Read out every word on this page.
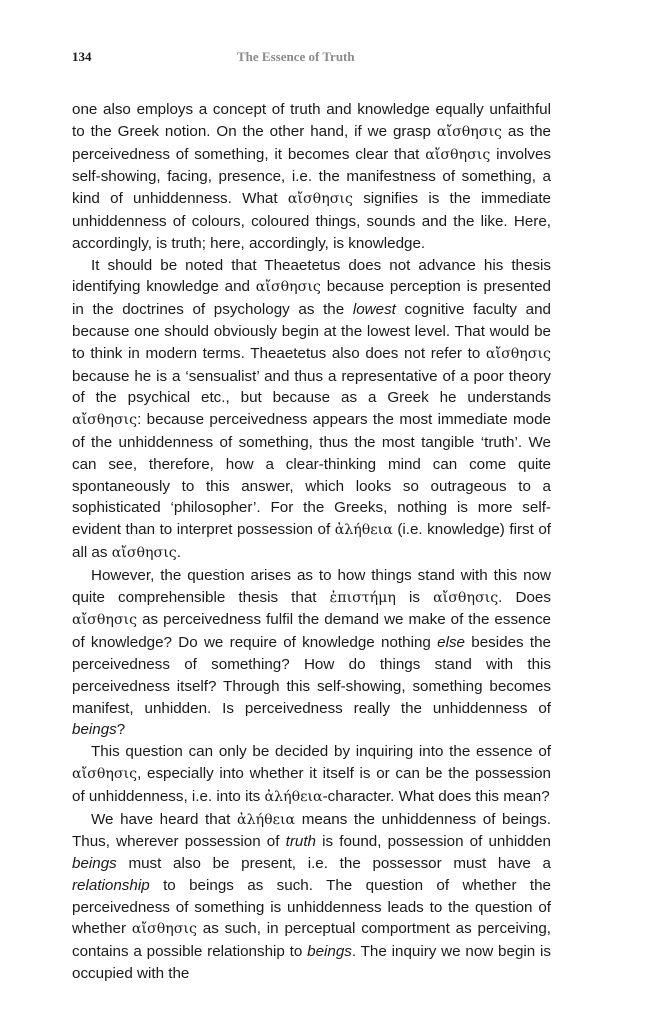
134	The Essence of Truth

one also employs a concept of truth and knowledge equally unfaithful to the Greek notion. On the other hand, if we grasp αἴσθησις as the perceivedness of something, it becomes clear that αἴσθησις involves self-showing, facing, presence, i.e. the manifestness of something, a kind of unhiddenness. What αἴσθησις signifies is the immediate unhiddenness of colours, coloured things, sounds and the like. Here, accordingly, is truth; here, accordingly, is knowledge.

It should be noted that Theaetetus does not advance his thesis identifying knowledge and αἴσθησις because perception is presented in the doctrines of psychology as the lowest cognitive faculty and because one should obviously begin at the lowest level. That would be to think in modern terms. Theaetetus also does not refer to αἴσθησις because he is a ‘sensualist’ and thus a representative of a poor theory of the psychical etc., but because as a Greek he understands αἴσθησις: because perceivedness appears the most immediate mode of the unhiddenness of something, thus the most tangible ‘truth’. We can see, therefore, how a clear-thinking mind can come quite spontaneously to this answer, which looks so outrageous to a sophisticated ‘philosopher’. For the Greeks, nothing is more self-evident than to interpret possession of ἀλήθεια (i.e. knowledge) first of all as αἴσθησις.

However, the question arises as to how things stand with this now quite comprehensible thesis that ἐπιστήμη is αἴσθησις. Does αἴσθησις as perceivedness fulfil the demand we make of the essence of knowledge? Do we require of knowledge nothing else besides the perceivedness of something? How do things stand with this perceivedness itself? Through this self-showing, something becomes manifest, unhidden. Is perceivedness really the unhiddenness of beings?

This question can only be decided by inquiring into the essence of αἴσθησις, especially into whether it itself is or can be the possession of unhiddenness, i.e. into its ἀλήθεια-character. What does this mean?

We have heard that ἀλήθεια means the unhiddenness of beings. Thus, wherever possession of truth is found, possession of unhidden beings must also be present, i.e. the possessor must have a relationship to beings as such. The question of whether the perceivedness of something is unhiddenness leads to the question of whether αἴσθησις as such, in perceptual comportment as perceiving, contains a possible relationship to beings. The inquiry we now begin is occupied with the
